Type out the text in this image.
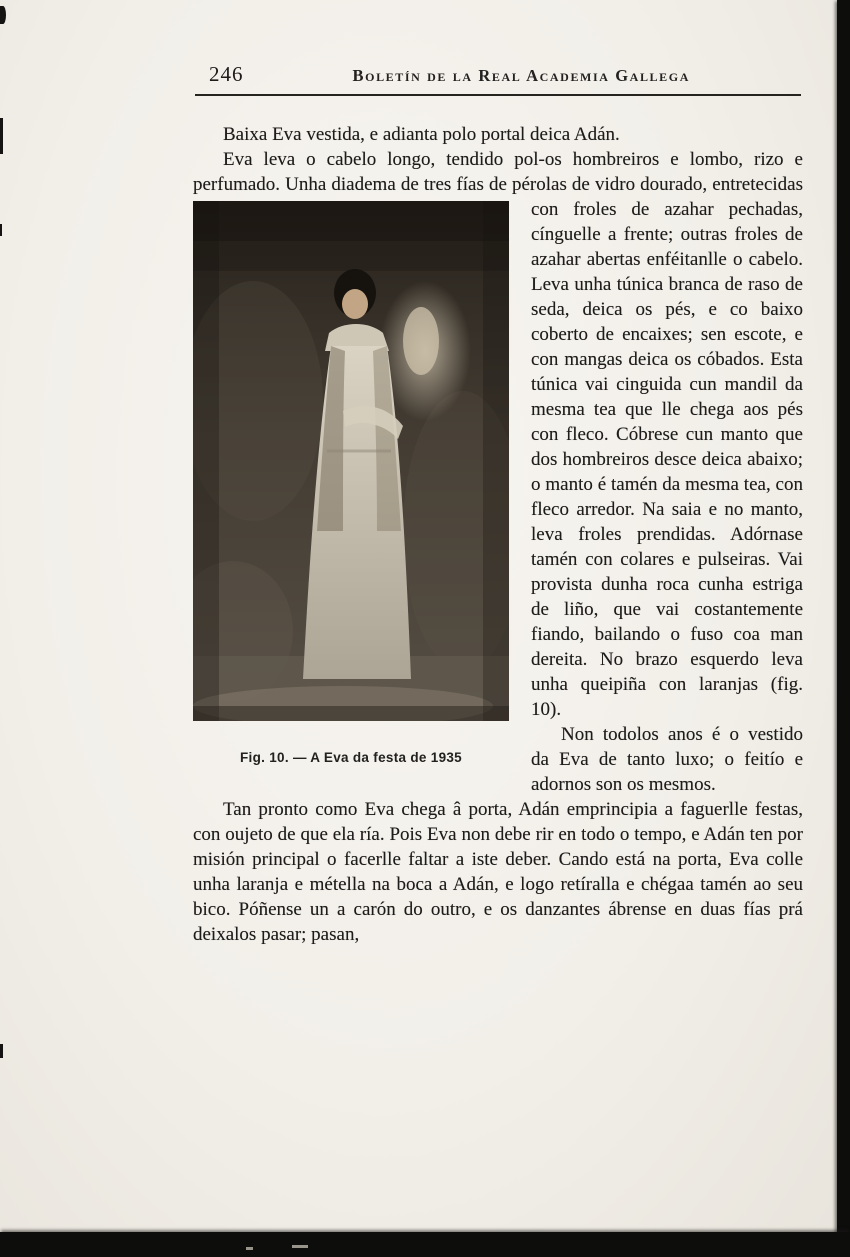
246	Boletín de la Real Academia Gallega

Baixa Eva vestida, e adianta polo portal deica Adán.

Eva leva o cabelo longo, tendido pol-os hombreiros e lombo, rizo e perfumado. Unha diadema de tres fías de pérolas de vidro dourado, entretecidas con froles de azahar
Fig. 10. — A Eva da festa de 1935
pechadas, cínguelle a frente; outras froles de azahar abertas enféitanlle o cabelo. Leva unha túnica branca de raso de seda, deica os pés, e co baixo coberto de encaixes; sen escote, e con mangas deica os cóbados. Esta túnica vai cinguida cun mandil da mesma tea que lle chega aos pés con fleco. Cóbrese cun manto que dos hombreiros desce deica abaixo; o manto é tamén da mesma tea, con fleco arredor. Na saia e no manto, leva froles prendidas. Adórnase tamén con colares e pulseiras. Vai provista dunha roca cunha estriga de liño, que vai costantemente fiando, bailando o fuso coa man dereita. No brazo esquerdo leva unha queipiña con laranjas (fig. 10).

Non todolos anos é o vestido da Eva de tanto luxo; o feitío e adornos son os mesmos.

Tan pronto como Eva chega â porta, Adán emprincipia a faguerlle festas, con oujeto de que ela ría. Pois Eva non debe rir en todo o tempo, e Adán ten por misión principal o facerlle faltar a iste deber. Cando está na porta, Eva colle unha laranja e métella na boca a Adán, e logo retíralla e chégaa tamén ao seu bico. Póñense un a carón do outro, e os danzantes ábrense en duas fías prá deixalos pasar; pasan,
